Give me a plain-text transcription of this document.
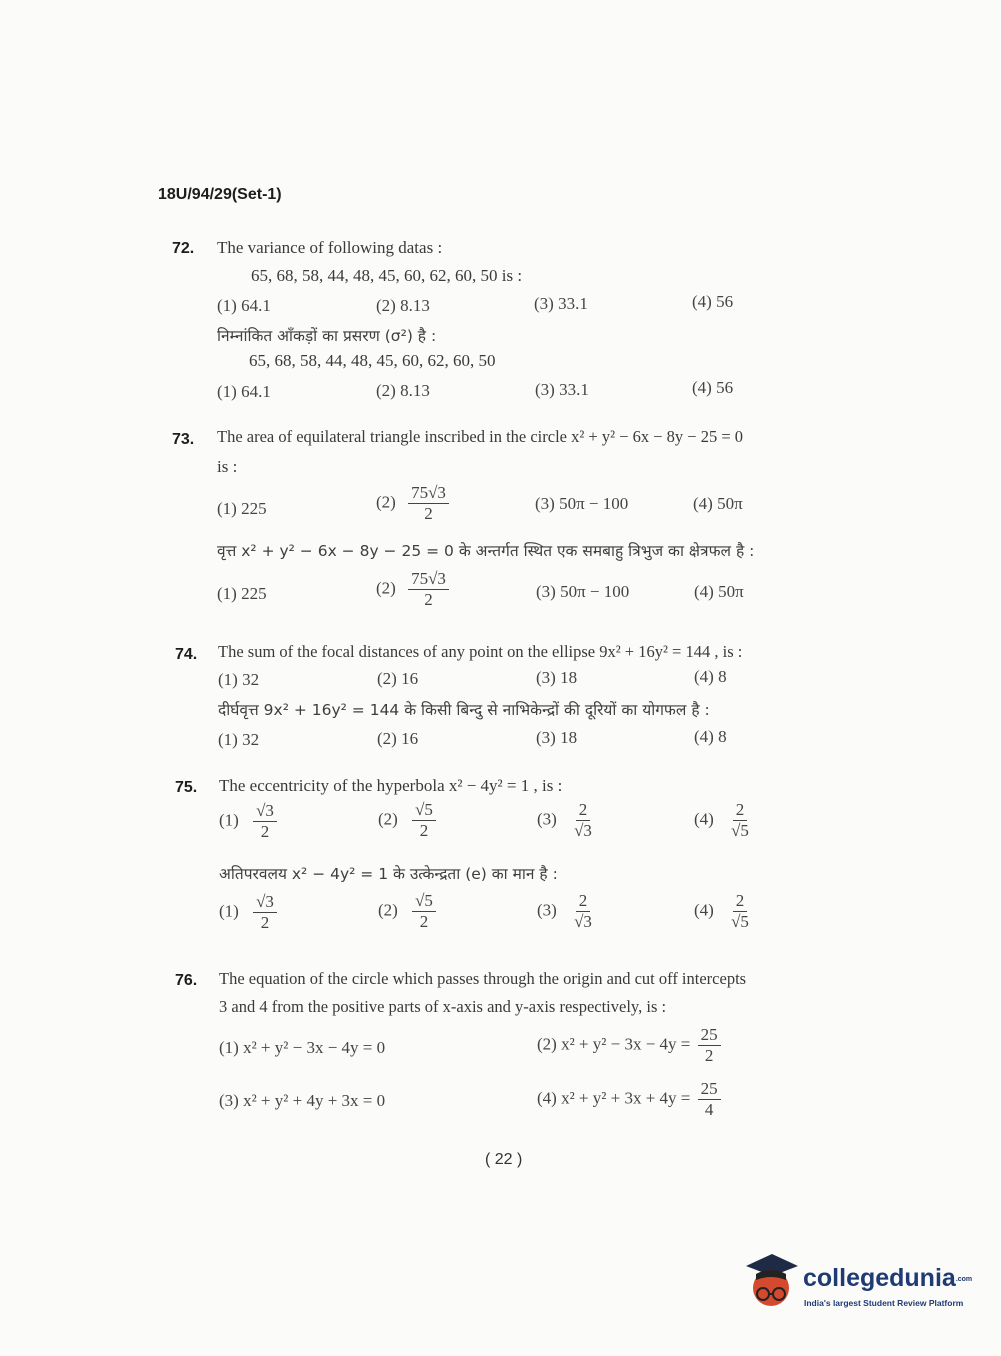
18U/94/29(Set-1)
72. The variance of following datas :
65, 68, 58, 44, 48, 45, 60, 62, 60, 50 is :
(1) 64.1	(2) 8.13	(3) 33.1	(4) 56
निम्नांकित आँकड़ों का प्रसरण (σ²) है :
65, 68, 58, 44, 48, 45, 60, 62, 60, 50
(1) 64.1	(2) 8.13	(3) 33.1	(4) 56
73. The area of equilateral triangle inscribed in the circle x² + y² − 6x − 8y − 25 = 0
is :
(1) 225	$(2) \frac{75√3}{2}$	(3) 50π − 100	(4) 50π
वृत्त x² + y² − 6x − 8y − 25 = 0 के अन्तर्गत स्थित एक समबाहु त्रिभुज का क्षेत्रफल है :
(1) 225	$(2) \frac{75√3}{2}$	(3) 50π − 100	(4) 50π
74. The sum of the focal distances of any point on the ellipse 9x² + 16y² = 144 , is :
(1) 32	(2) 16	(3) 18	(4) 8
दीर्घवृत्त 9x² + 16y² = 144 के किसी बिन्दु से नाभिकेन्द्रों की दूरियों का योगफल है :
(1) 32	(2) 16	(3) 18	(4) 8
75. The eccentricity of the hyperbola x² − 4y² = 1 , is :
$(1) \frac{√3}{2}$	$(2) \frac{√5}{2}$	$(3) \frac{2}{√3}$	$(4) \frac{2}{√5}$
अतिपरवलय x² − 4y² = 1 के उत्केन्द्रता (e) का मान है :
$(1) \frac{√3}{2}$	$(2) \frac{√5}{2}$	$(3) \frac{2}{√3}$	$(4) \frac{2}{√5}$
76. The equation of the circle which passes through the origin and cut off intercepts
3 and 4 from the positive parts of x-axis and y-axis respectively, is :
(1) x² + y² − 3x − 4y = 0	(2) $x^2 + y^2 - 3x - 4y = \frac{25}{2}$
(3) x² + y² + 4y + 3x = 0	(4) $x^2 + y^2 + 3x + 4y = \frac{25}{4}$
( 22 )
collegedunia.com
India's largest Student Review Platform
